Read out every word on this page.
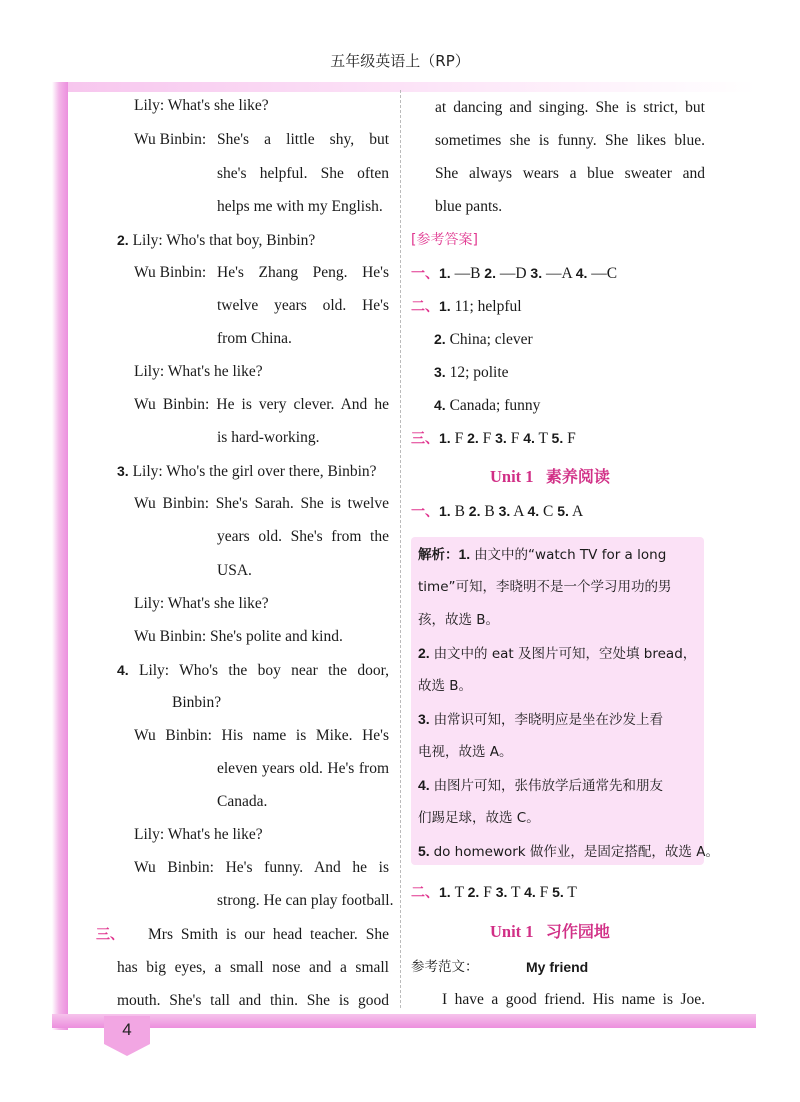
五年级英语上（RP）
4
Lily: What's she like?
Wu Binbin: She's a little shy, but
she's helpful. She often
helps me with my English.
2. Lily: Who's that boy, Binbin?
Wu Binbin: He's Zhang Peng. He's
twelve years old. He's
from China.
Lily: What's he like?
Wu Binbin: He is very clever. And he
is hard-working.
3. Lily: Who's the girl over there, Binbin?
Wu Binbin: She's Sarah. She is twelve
years old. She's from the
USA.
Lily: What's she like?
Wu Binbin: She's polite and kind.
4. Lily: Who's the boy near the door,
Binbin?
Wu Binbin: His name is Mike. He's
eleven years old. He's from
Canada.
Lily: What's he like?
Wu Binbin: He's funny. And he is
strong. He can play football.
三、 Mrs Smith is our head teacher. She
has big eyes, a small nose and a small
mouth. She's tall and thin. She is good
at dancing and singing. She is strict, but
sometimes she is funny. She likes blue.
She always wears a blue sweater and
blue pants.
[参考答案]
一、1. —B 2. —D 3. —A 4. —C
二、1. 11; helpful
2. China; clever
3. 12; polite
4. Canada; funny
三、1. F 2. F 3. F 4. T 5. F
Unit 1 素养阅读
一、1. B 2. B 3. A 4. C 5. A
解析：1. 由文中的“watch TV for a long
time”可知，李晓明不是一个学习用功的男
孩，故选 B。
2. 由文中的 eat 及图片可知，空处填 bread，
故选 B。
3. 由常识可知，李晓明应是坐在沙发上看
电视，故选 A。
4. 由图片可知，张伟放学后通常先和朋友
们踢足球，故选 C。
5. do homework 做作业，是固定搭配，故选 A。
二、1. T 2. F 3. T 4. F 5. T
Unit 1 习作园地
参考范文：	My friend
I have a good friend. His name is Joe.
